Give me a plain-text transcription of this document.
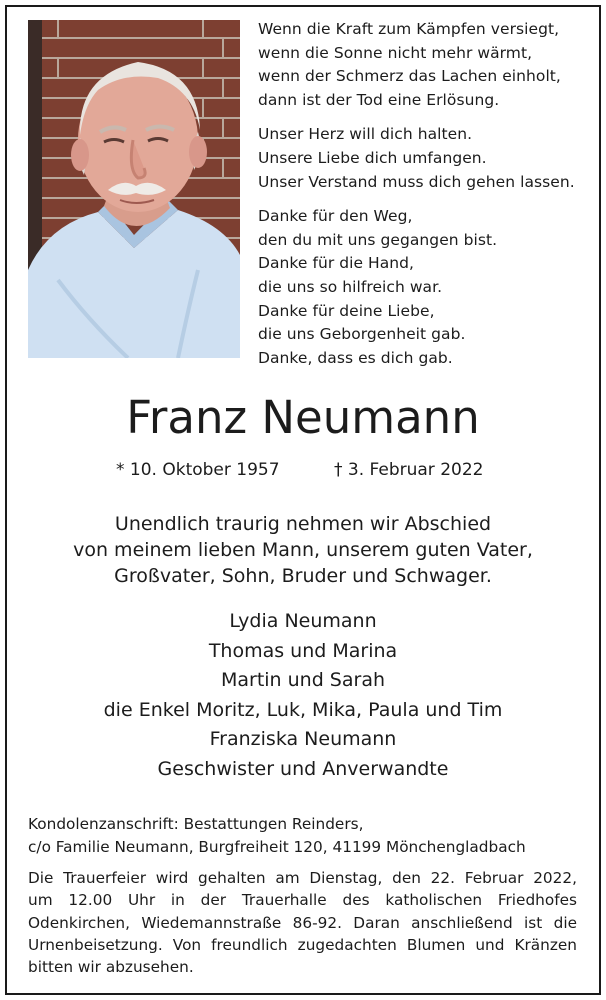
Wenn die Kraft zum Kämpfen versiegt,
wenn die Sonne nicht mehr wärmt,
wenn der Schmerz das Lachen einholt,
dann ist der Tod eine Erlösung.
Unser Herz will dich halten.
Unsere Liebe dich umfangen.
Unser Verstand muss dich gehen lassen.
Danke für den Weg,
den du mit uns gegangen bist.
Danke für die Hand,
die uns so hilfreich war.
Danke für deine Liebe,
die uns Geborgenheit gab.
Danke, dass es dich gab.
Franz Neumann
* 10. Oktober 1957	† 3. Februar 2022
Unendlich traurig nehmen wir Abschied
von meinem lieben Mann, unserem guten Vater,
Großvater, Sohn, Bruder und Schwager.
Lydia Neumann
Thomas und Marina
Martin und Sarah
die Enkel Moritz, Luk, Mika, Paula und Tim
Franziska Neumann
Geschwister und Anverwandte
Kondolenzanschrift: Bestattungen Reinders,
c/o Familie Neumann, Burgfreiheit 120, 41199 Mönchengladbach
Die Trauerfeier wird gehalten am Dienstag, den 22. Februar 2022,
um 12.00 Uhr in der Trauerhalle des katholischen Friedhofes
Odenkirchen, Wiedemannstraße 86-92. Daran anschließend ist die
Urnenbeisetzung. Von freundlich zugedachten Blumen und Kränzen
bitten wir abzusehen.
